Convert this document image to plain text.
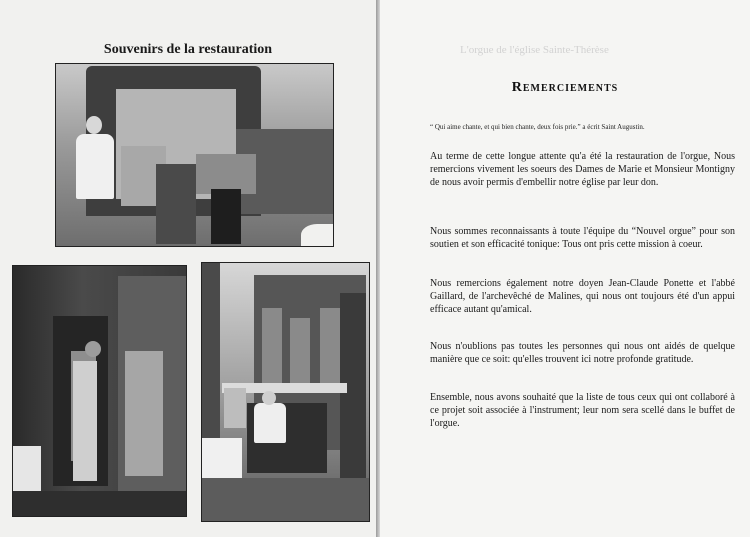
Souvenirs de la restauration	L'orgue de l'église Sainte-Thérèse
Remerciements
“ Qui aime chante, et qui bien chante, deux fois prie.” a écrit Saint Augustin.
Au terme de cette longue attente qu'a été la restauration de l'orgue, Nous remercions vivement les soeurs des Dames de Marie et Monsieur Montigny de nous avoir permis d'embellir notre église par leur don.
Nous sommes reconnaissants à toute l'équipe du “Nouvel orgue” pour son soutien et son efficacité tonique: Tous ont pris cette mission à coeur.
Nous remercions également notre doyen Jean-Claude Ponette et l'abbé Gaillard, de l'archevêché de Malines, qui nous ont toujours été d'un appui efficace autant qu'amical.
Nous n'oublions pas toutes les personnes qui nous ont aidés de quelque manière que ce soit: qu'elles trouvent ici notre profonde gratitude.
Ensemble, nous avons souhaité que la liste de tous ceux qui ont collaboré à ce projet soit associée à l'instrument; leur nom sera scellé dans le buffet de l'orgue.
